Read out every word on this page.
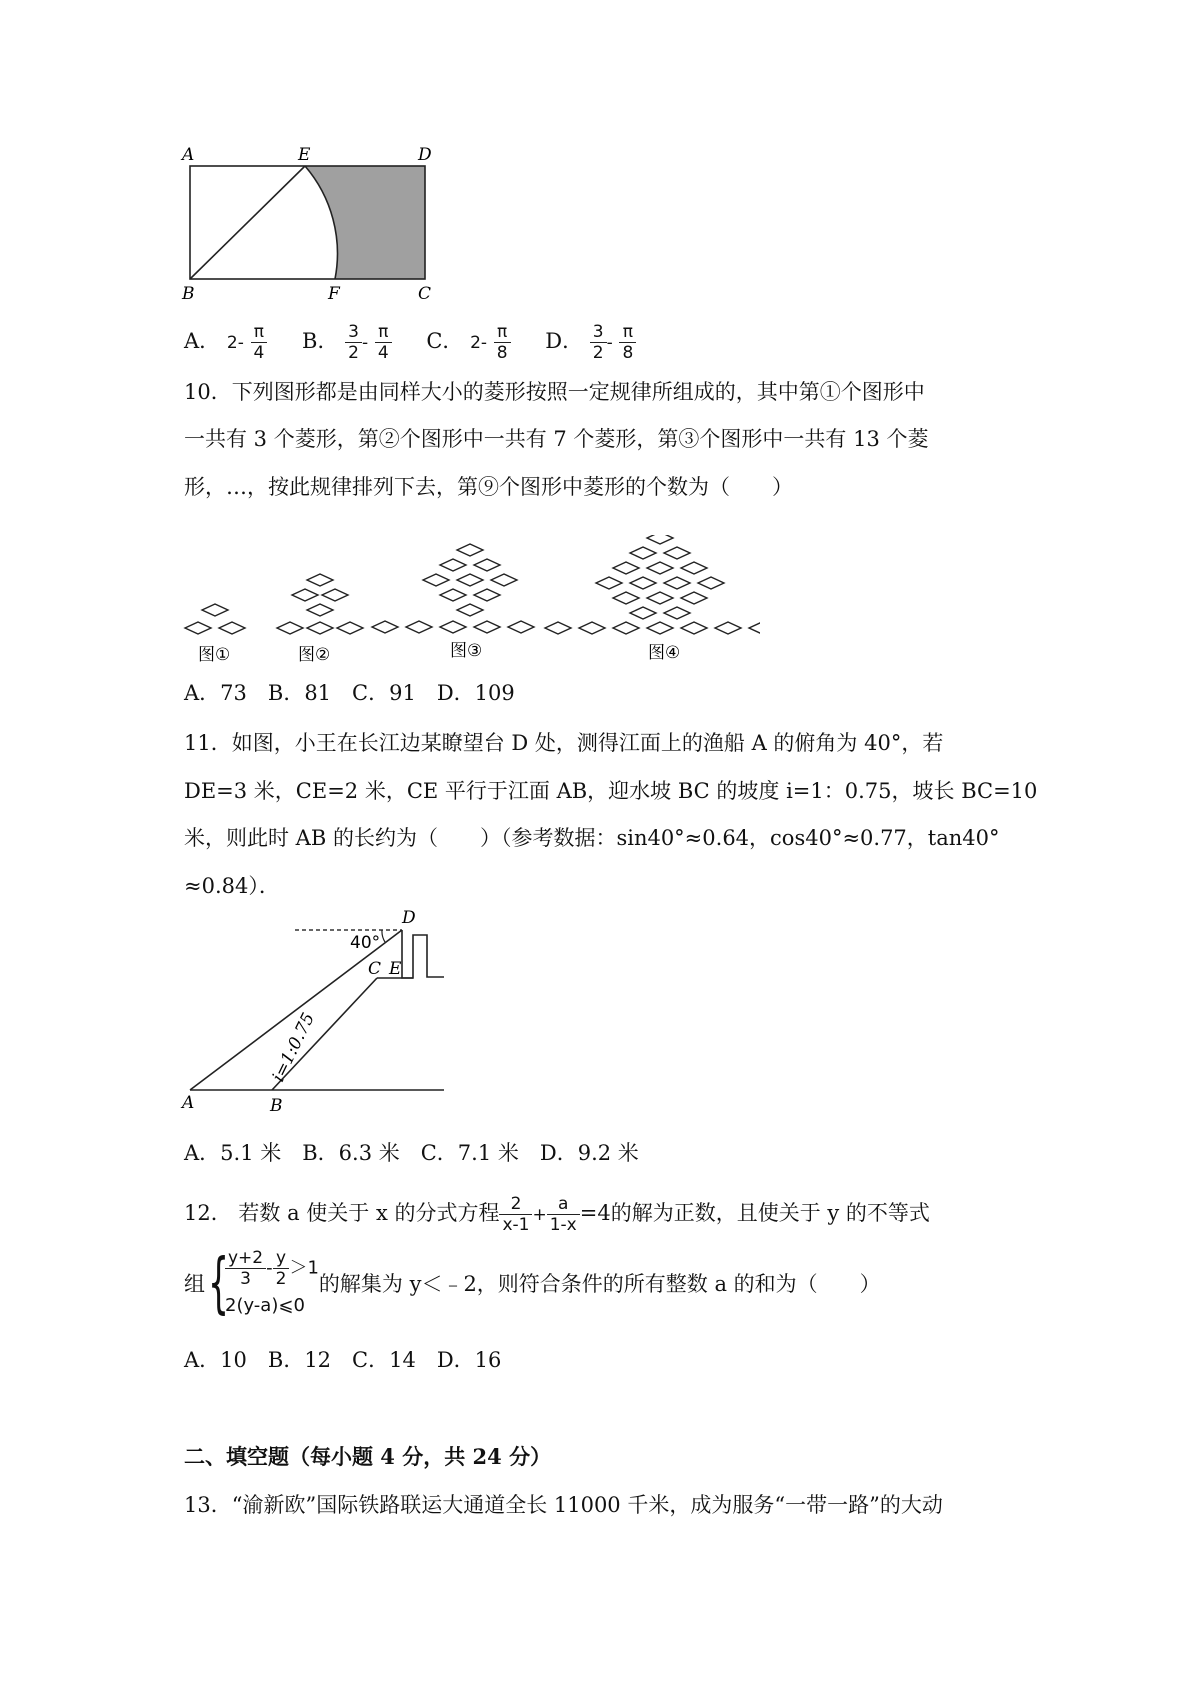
A	E	D
B	F	C
A． $2- \frac{\pi}{4}$ B． $\frac{3}{2} - \frac{\pi}{4}$ C． $2- \frac{\pi}{8}$ D． $\frac{3}{2} - \frac{\pi}{8}$
10．下列图形都是由同样大小的菱形按照一定规律所组成的，其中第①个图形中
一共有 3 个菱形，第②个图形中一共有 7 个菱形，第③个图形中一共有 13 个菱
形，…，按此规律排列下去，第⑨个图形中菱形的个数为（　　）
图①	图②	图③	图④
A．73　B．81　C．91　D．109
11．如图，小王在长江边某瞭望台 D 处，测得江面上的渔船 A 的俯角为 40°，若
DE=3 米，CE=2 米，CE 平行于江面 AB，迎水坡 BC 的坡度 i=1：0.75，坡长 BC=10
米，则此时 AB 的长约为（　　）（参考数据：sin40°≈0.64，cos40°≈0.77，tan40°
≈0.84）．
40°
D
C E
A	B
i=1:0.75
A．5.1 米　B．6.3 米　C．7.1 米　D．9.2 米
12． 若数 a 使关于 x 的分式方程 $\frac{2}{x-1} + \frac{a}{1-x} =4$的解为正数，且使关于 y 的不等式
组 {
$\frac{y+2}{3} - \frac{y}{2} >1$
2(y-a)⩽0
的解集为 y＜﹣2，则符合条件的所有整数 a 的和为（　　）
A．10　B．12　C．14　D．16
二、填空题（每小题 4 分，共 24 分）
13．“渝新欧”国际铁路联运大通道全长 11000 千米，成为服务“一带一路”的大动
